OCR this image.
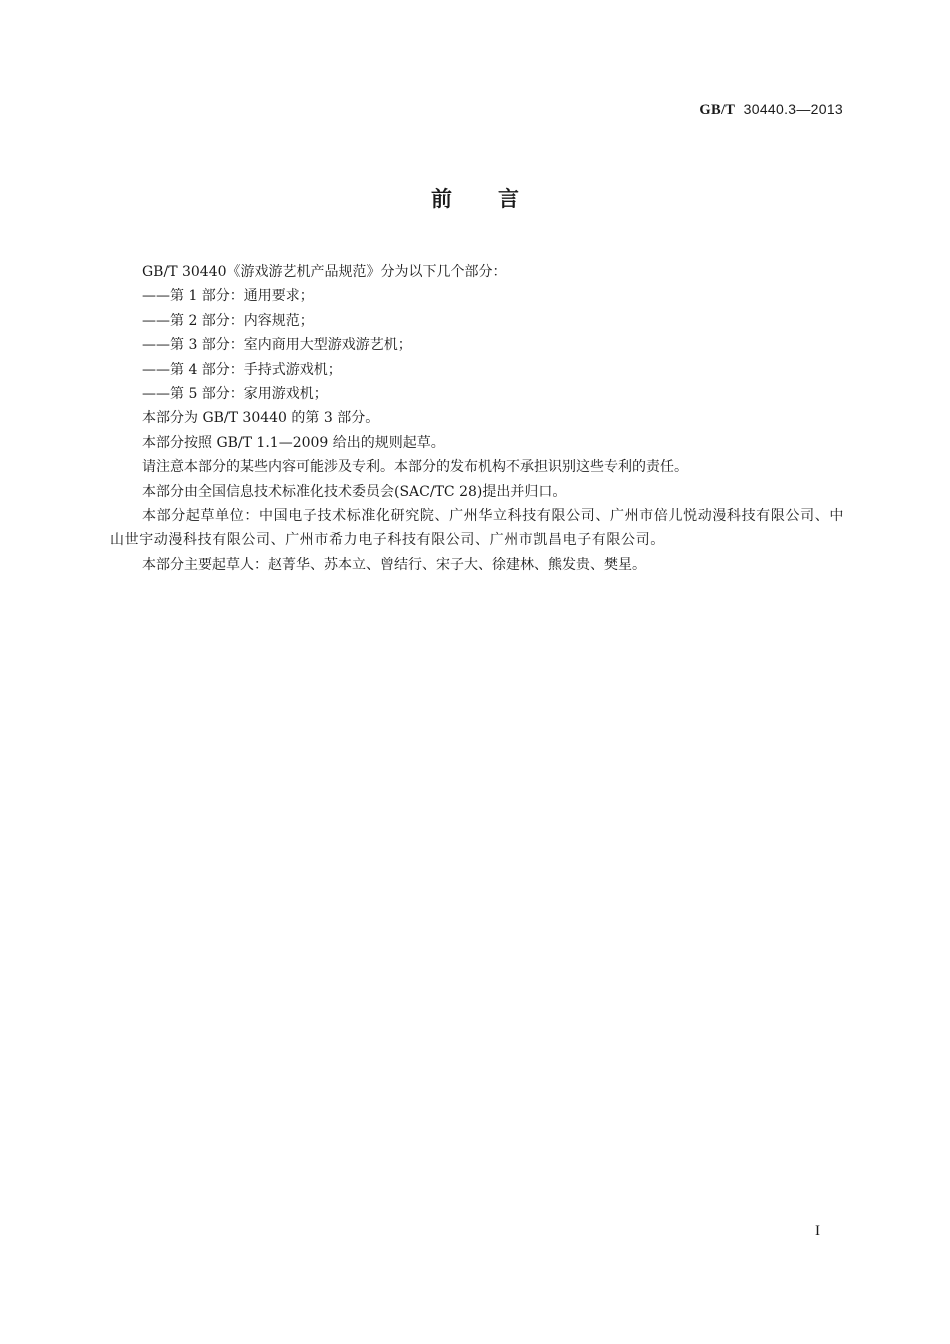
GB/T 30440.3—2013
前言

GB/T 30440《游戏游艺机产品规范》分为以下几个部分：

——第 1 部分：通用要求；

——第 2 部分：内容规范；

——第 3 部分：室内商用大型游戏游艺机；

——第 4 部分：手持式游戏机；

——第 5 部分：家用游戏机；

本部分为 GB/T 30440 的第 3 部分。

本部分按照 GB/T 1.1—2009 给出的规则起草。

请注意本部分的某些内容可能涉及专利。本部分的发布机构不承担识别这些专利的责任。

本部分由全国信息技术标准化技术委员会(SAC/TC 28)提出并归口。

本部分起草单位：中国电子技术标准化研究院、广州华立科技有限公司、广州市倍儿悦动漫科技有限公司、中山世宇动漫科技有限公司、广州市希力电子科技有限公司、广州市凯昌电子有限公司。

本部分主要起草人：赵菁华、苏本立、曾结行、宋子大、徐建林、熊发贵、樊星。

I
